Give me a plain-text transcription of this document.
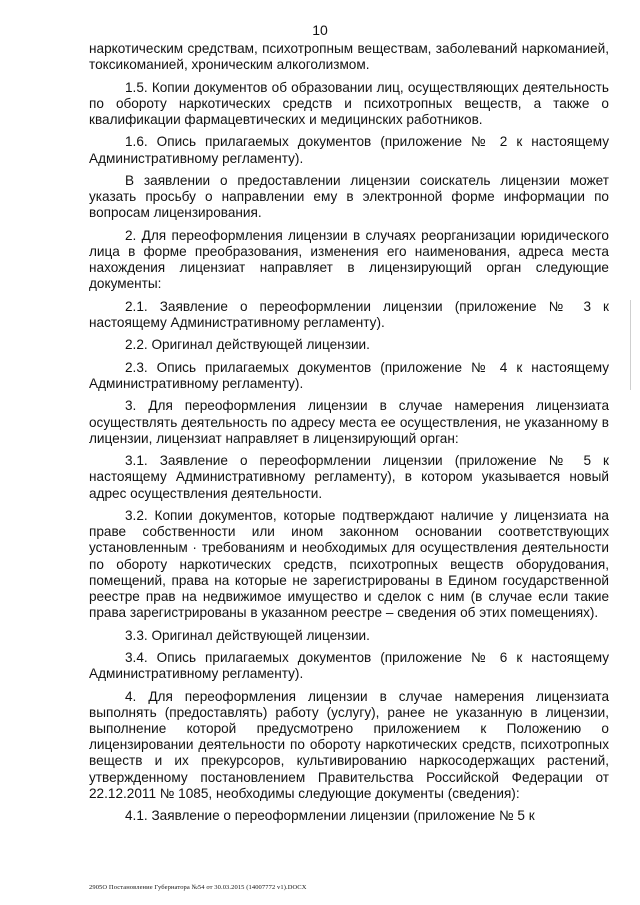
10

наркотическим средствам, психотропным веществам, заболеваний наркоманией, токсикоманией, хроническим алкоголизмом.

1.5. Копии документов об образовании лиц, осуществляющих деятельность по обороту наркотических средств и психотропных веществ, а также о квалификации фармацевтических и медицинских работников.

1.6. Опись прилагаемых документов (приложение № 2 к настоящему Административному регламенту).

В заявлении о предоставлении лицензии соискатель лицензии может указать просьбу о направлении ему в электронной форме информации по вопросам лицензирования.

2. Для переоформления лицензии в случаях реорганизации юридического лица в форме преобразования, изменения его наименования, адреса места нахождения лицензиат направляет в лицензирующий орган следующие документы:

2.1. Заявление о переоформлении лицензии (приложение № 3 к настоящему Административному регламенту).

2.2. Оригинал действующей лицензии.

2.3. Опись прилагаемых документов (приложение № 4 к настоящему Административному регламенту).

3. Для переоформления лицензии в случае намерения лицензиата осуществлять деятельность по адресу места ее осуществления, не указанному в лицензии, лицензиат направляет в лицензирующий орган:

3.1. Заявление о переоформлении лицензии (приложение № 5 к настоящему Административному регламенту), в котором указывается новый адрес осуществления деятельности.

3.2. Копии документов, которые подтверждают наличие у лицензиата на праве собственности или ином законном основании соответствующих установленным · требованиям и необходимых для осуществления деятельности по обороту наркотических средств, психотропных веществ оборудования, помещений, права на которые не зарегистрированы в Едином государственной реестре прав на недвижимое имущество и сделок с ним (в случае если такие права зарегистрированы в указанном реестре – сведения об этих помещениях).

3.3. Оригинал действующей лицензии.

3.4. Опись прилагаемых документов (приложение № 6 к настоящему Административному регламенту).

4. Для переоформления лицензии в случае намерения лицензиата выполнять (предоставлять) работу (услугу), ранее не указанную в лицензии, выполнение которой предусмотрено приложением к Положению о лицензировании деятельности по обороту наркотических средств, психотропных веществ и их прекурсоров, культивированию наркосодержащих растений, утвержденному постановлением Правительства Российской Федерации от 22.12.2011 № 1085, необходимы следующие документы (сведения):

4.1. Заявление о переоформлении лицензии (приложение № 5 к

2905О Постановление Губернатора №54 от 30.03.2015 (14007772 v1).DOCX
